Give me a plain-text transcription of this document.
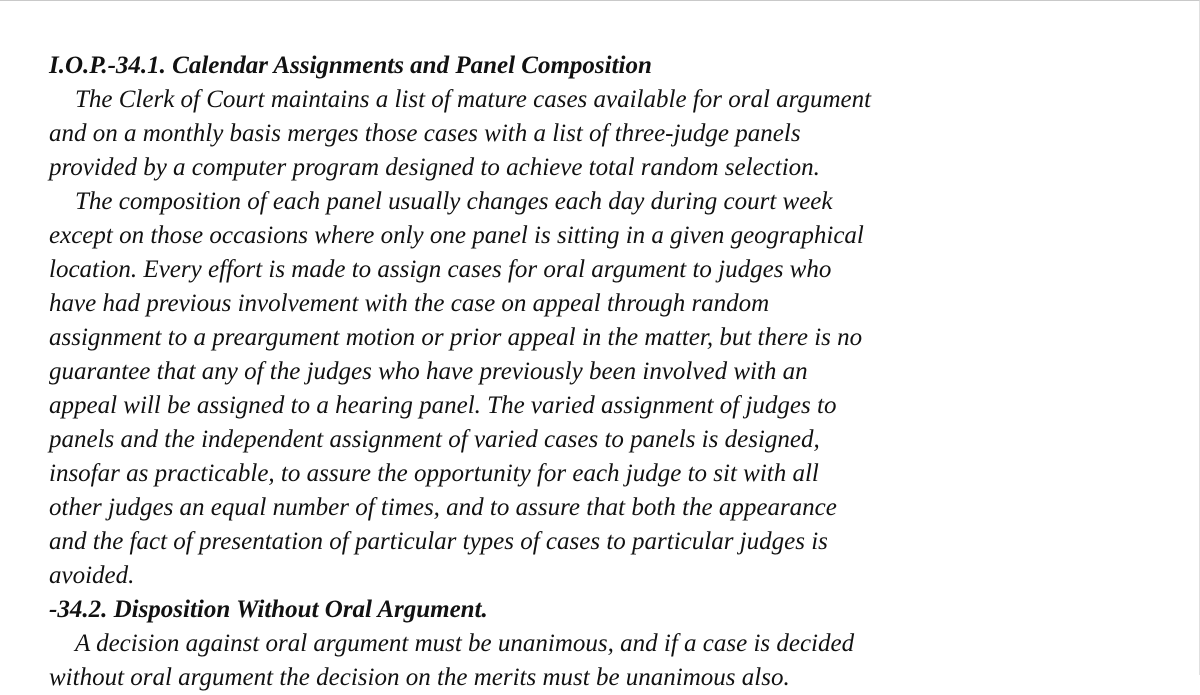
I.O.P.-34.1. Calendar Assignments and Panel Composition
The Clerk of Court maintains a list of mature cases available for oral argument
and on a monthly basis merges those cases with a list of three-judge panels
provided by a computer program designed to achieve total random selection.
The composition of each panel usually changes each day during court week
except on those occasions where only one panel is sitting in a given geographical
location. Every effort is made to assign cases for oral argument to judges who
have had previous involvement with the case on appeal through random
assignment to a preargument motion or prior appeal in the matter, but there is no
guarantee that any of the judges who have previously been involved with an
appeal will be assigned to a hearing panel. The varied assignment of judges to
panels and the independent assignment of varied cases to panels is designed,
insofar as practicable, to assure the opportunity for each judge to sit with all
other judges an equal number of times, and to assure that both the appearance
and the fact of presentation of particular types of cases to particular judges is
avoided.
-34.2. Disposition Without Oral Argument.
A decision against oral argument must be unanimous, and if a case is decided
without oral argument the decision on the merits must be unanimous also.
